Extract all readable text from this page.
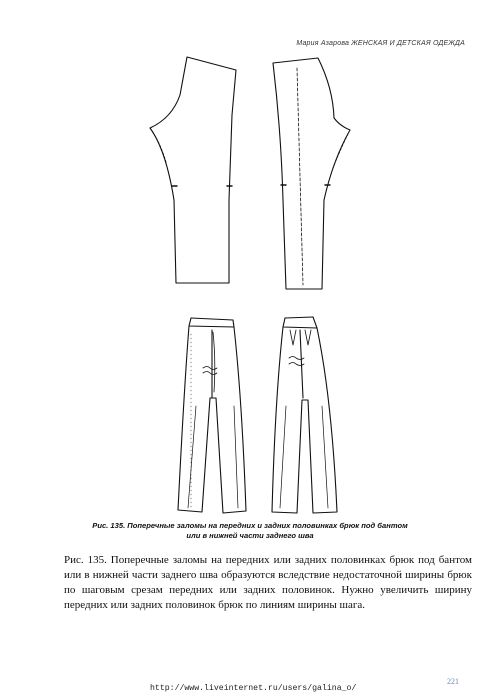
Мария Азарова ЖЕНСКАЯ И ДЕТСКАЯ ОДЕЖДА
Рис. 135. Поперечные заломы на передних и задних половинках брюк под бантом
или в нижней части заднего шва

Рис. 135. Поперечные заломы на передних или задних половинках брюк под бантом или в нижней части заднего шва образуются вследствие недостаточной ширины брюк по шаговым срезам передних или задних половинок. Нужно увеличить ширину передних или задних половинок брюк по линиям ширины шага.

221
http://www.liveinternet.ru/users/galina_o/
